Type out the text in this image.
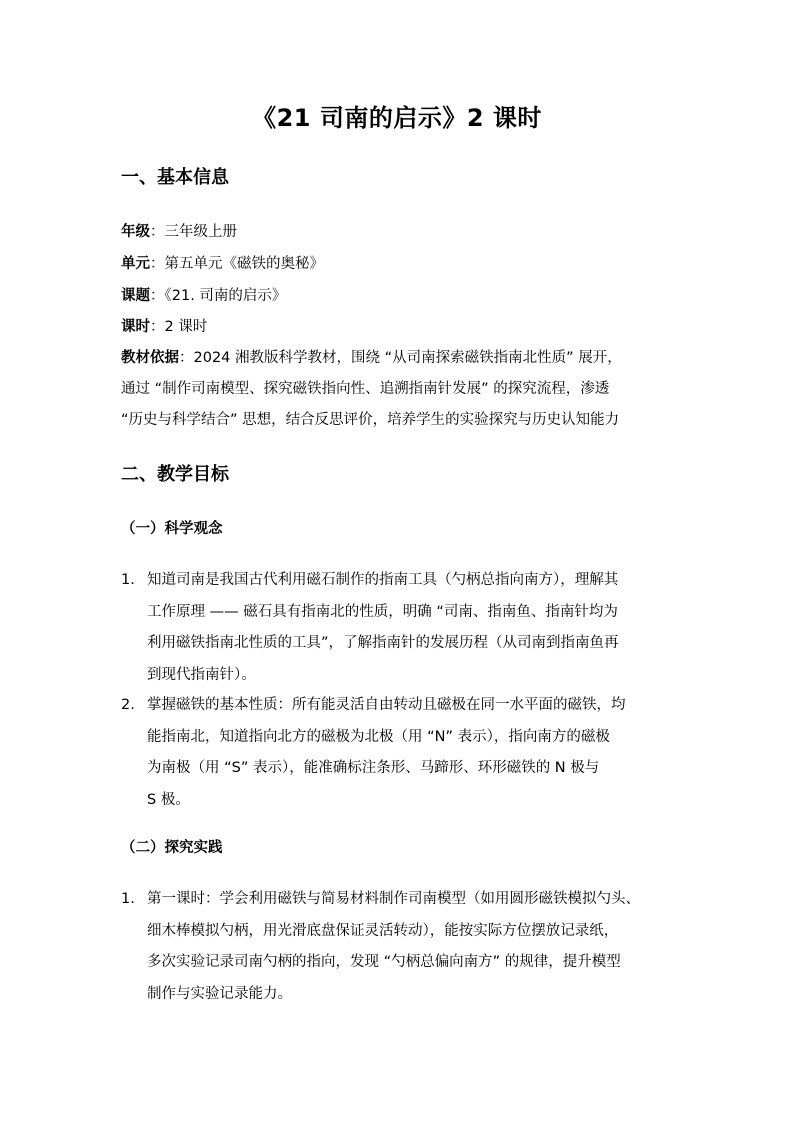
《21 司南的启示》2 课时
一、基本信息
年级：三年级上册
单元：第五单元《磁铁的奥秘》
课题：《21. 司南的启示》
课时：2 课时
教材依据：2024 湘教版科学教材，围绕 “从司南探索磁铁指南北性质” 展开，
通过 “制作司南模型、探究磁铁指向性、追溯指南针发展” 的探究流程，渗透
“历史与科学结合” 思想，结合反思评价，培养学生的实验探究与历史认知能力
二、教学目标
（一）科学观念
1. 知道司南是我国古代利用磁石制作的指南工具（勺柄总指向南方），理解其
工作原理 —— 磁石具有指南北的性质，明确 “司南、指南鱼、指南针均为
利用磁铁指南北性质的工具”，了解指南针的发展历程（从司南到指南鱼再
到现代指南针）。
2. 掌握磁铁的基本性质：所有能灵活自由转动且磁极在同一水平面的磁铁，均
能指南北，知道指向北方的磁极为北极（用 “N” 表示），指向南方的磁极
为南极（用 “S” 表示），能准确标注条形、马蹄形、环形磁铁的 N 极与
S 极。
（二）探究实践
1. 第一课时：学会利用磁铁与简易材料制作司南模型（如用圆形磁铁模拟勺头、
细木棒模拟勺柄，用光滑底盘保证灵活转动），能按实际方位摆放记录纸，
多次实验记录司南勺柄的指向，发现 “勺柄总偏向南方” 的规律，提升模型
制作与实验记录能力。
